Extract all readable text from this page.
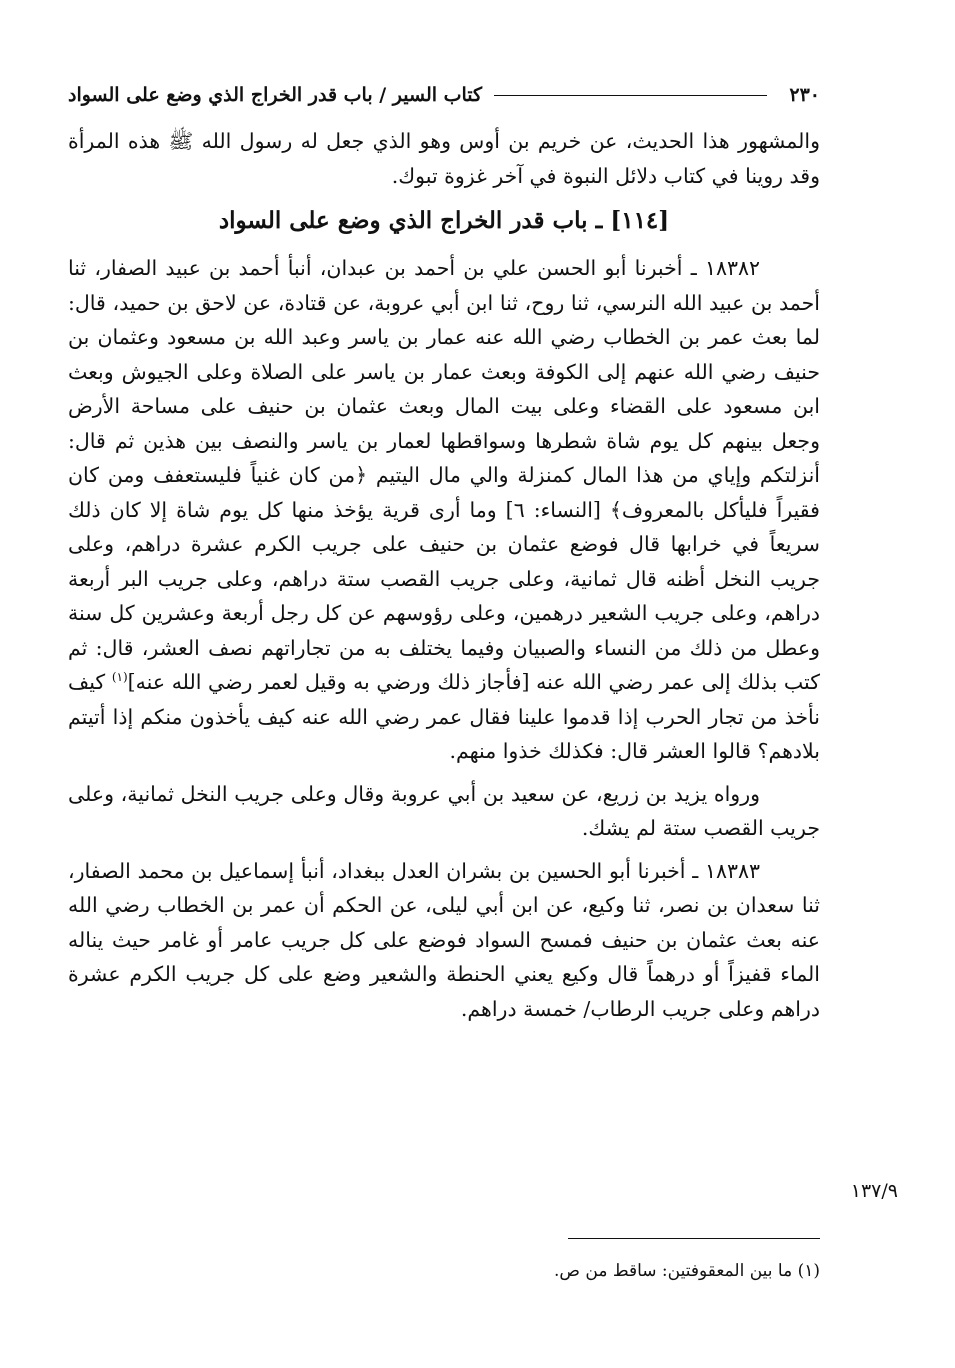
٢٣٠
كتاب السير / باب قدر الخراج الذي وضع على السواد

والمشهور هذا الحديث، عن خريم بن أوس وهو الذي جعل له رسول الله ﷺ هذه المرأة وقد روينا في كتاب دلائل النبوة في آخر غزوة تبوك.

[١١٤] ـ باب قدر الخراج الذي وضع على السواد

١٨٣٨٢ ـ أخبرنا أبو الحسن علي بن أحمد بن عبدان، أنبأ أحمد بن عبيد الصفار، ثنا أحمد بن عبيد الله النرسي، ثنا روح، ثنا ابن أبي عروبة، عن قتادة، عن لاحق بن حميد، قال: لما بعث عمر بن الخطاب رضي الله عنه عمار بن ياسر وعبد الله بن مسعود وعثمان بن حنيف رضي الله عنهم إلى الكوفة وبعث عمار بن ياسر على الصلاة وعلى الجيوش وبعث ابن مسعود على القضاء وعلى بيت المال وبعث عثمان بن حنيف على مساحة الأرض وجعل بينهم كل يوم شاة شطرها وسواقطها لعمار بن ياسر والنصف بين هذين ثم قال: أنزلتكم وإياي من هذا المال كمنزلة والي مال اليتيم ﴿من كان غنياً فليستعفف ومن كان فقيراً فليأكل بالمعروف﴾ [النساء: ٦] وما أرى قرية يؤخذ منها كل يوم شاة إلا كان ذلك سريعاً في خرابها قال فوضع عثمان بن حنيف على جريب الكرم عشرة دراهم، وعلى جريب النخل أظنه قال ثمانية، وعلى جريب القصب ستة دراهم، وعلى جريب البر أربعة دراهم، وعلى جريب الشعير درهمين، وعلى رؤوسهم عن كل رجل أربعة وعشرين كل سنة وعطل من ذلك من النساء والصبيان وفيما يختلف به من تجاراتهم نصف العشر، قال: ثم كتب بذلك إلى عمر رضي الله عنه [فأجاز ذلك ورضي به وقيل لعمر رضي الله عنه]$^{(١)}$ كيف نأخذ من تجار الحرب إذا قدموا علينا فقال عمر رضي الله عنه كيف يأخذون منكم إذا أتيتم بلادهم؟ قالوا العشر قال: فكذلك خذوا منهم.

ورواه يزيد بن زريع، عن سعيد بن أبي عروبة وقال وعلى جريب النخل ثمانية، وعلى جريب القصب ستة لم يشك.

١٨٣٨٣ ـ أخبرنا أبو الحسين بن بشران العدل ببغداد، أنبأ إسماعيل بن محمد الصفار، ثنا سعدان بن نصر، ثنا وكيع، عن ابن أبي ليلى، عن الحكم أن عمر بن الخطاب رضي الله عنه بعث عثمان بن حنيف فمسح السواد فوضع على كل جريب عامر أو غامر حيث يناله الماء قفيزاً أو درهماً قال وكيع يعني الحنطة والشعير وضع على كل جريب الكرم عشرة دراهم وعلى جريب الرطاب/ خمسة دراهم.

١٣٧/٩
(١) ما بين المعقوفتين: ساقط من ص.
